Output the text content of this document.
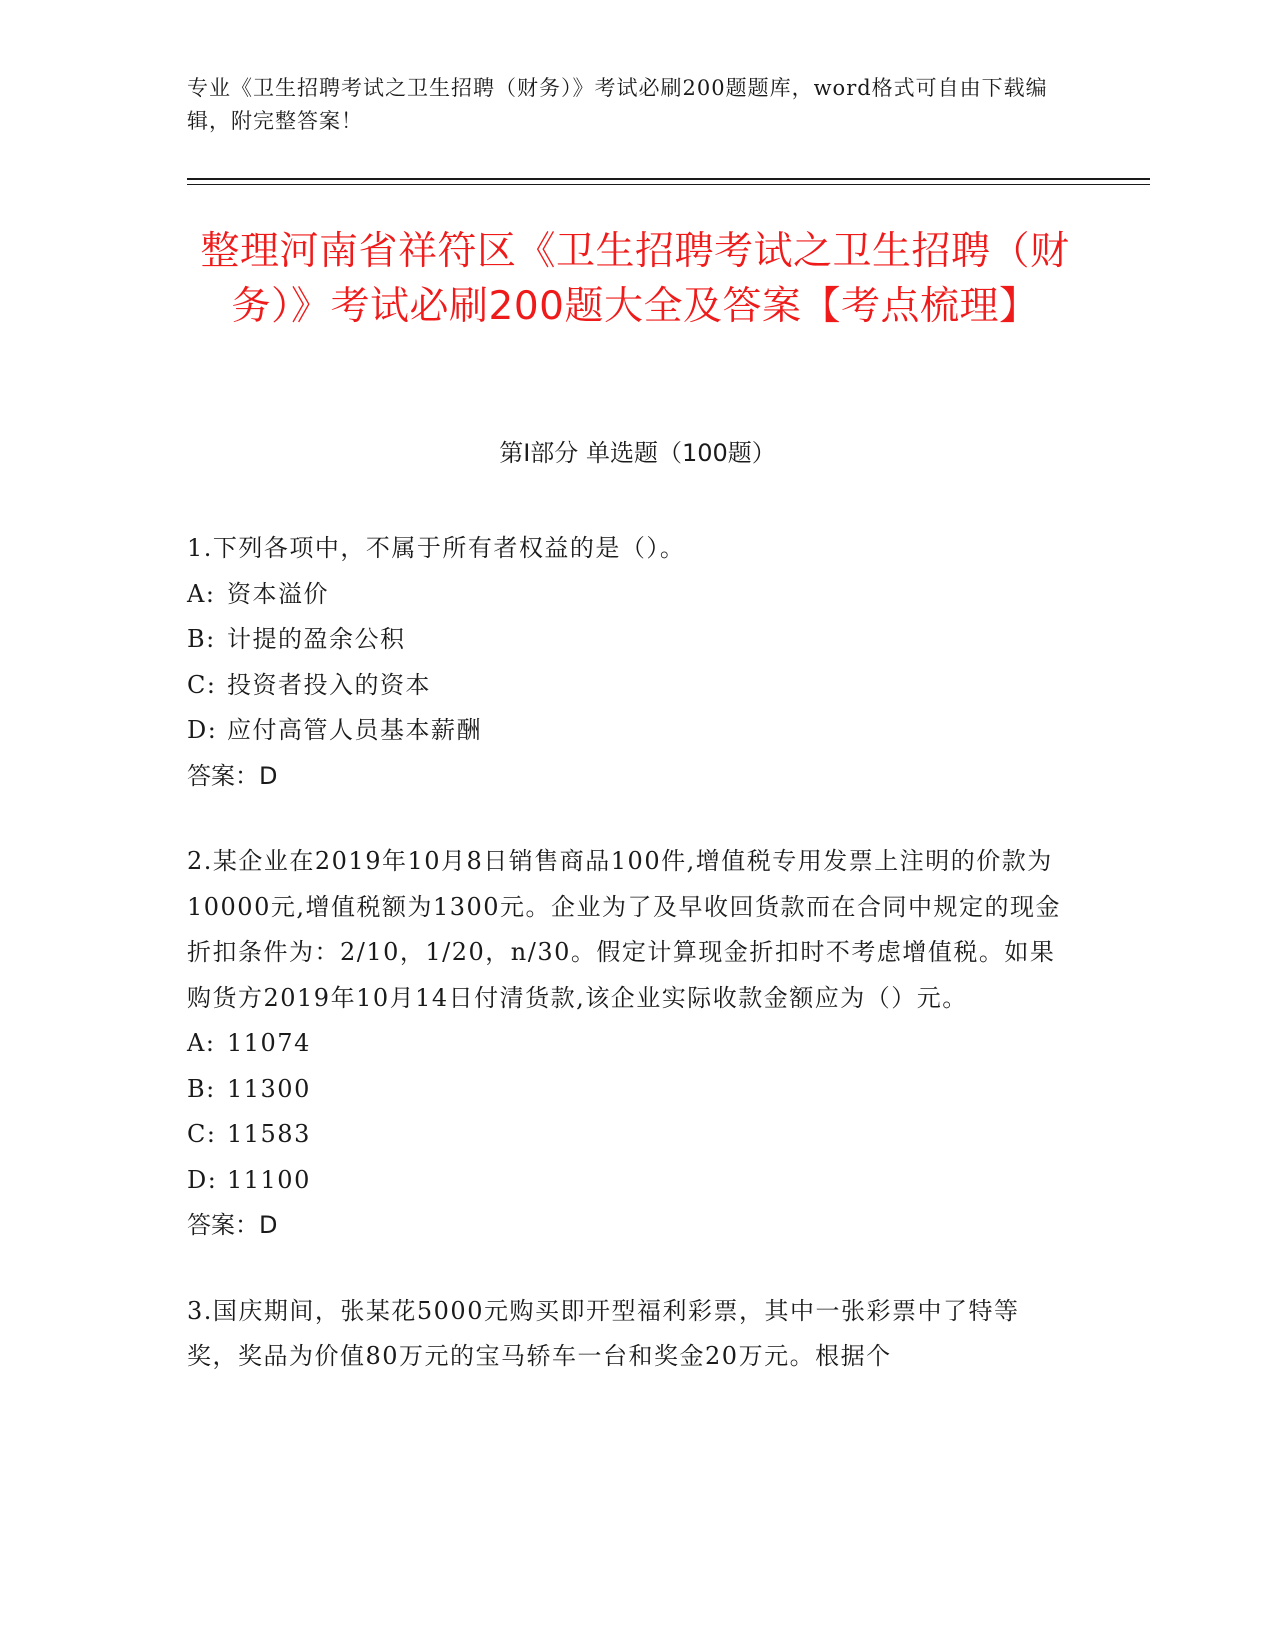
专业《卫生招聘考试之卫生招聘（财务）》考试必刷200题题库，word格式可自由下载编辑，附完整答案！
整理河南省祥符区《卫生招聘考试之卫生招聘（财务）》考试必刷200题大全及答案【考点梳理】
第Ⅰ部分 单选题（100题）
1.下列各项中，不属于所有者权益的是（）。
A: 资本溢价
B: 计提的盈余公积
C: 投资者投入的资本
D: 应付高管人员基本薪酬
答案：D
2.某企业在2019年10月8日销售商品100件,增值税专用发票上注明的价款为10000元,增值税额为1300元。企业为了及早收回货款而在合同中规定的现金折扣条件为：2/10，1/20，n/30。假定计算现金折扣时不考虑增值税。如果购货方2019年10月14日付清货款,该企业实际收款金额应为（）元。
A: 11074
B: 11300
C: 11583
D: 11100
答案：D
3.国庆期间，张某花5000元购买即开型福利彩票，其中一张彩票中了特等奖，奖品为价值80万元的宝马轿车一台和奖金20万元。根据个
